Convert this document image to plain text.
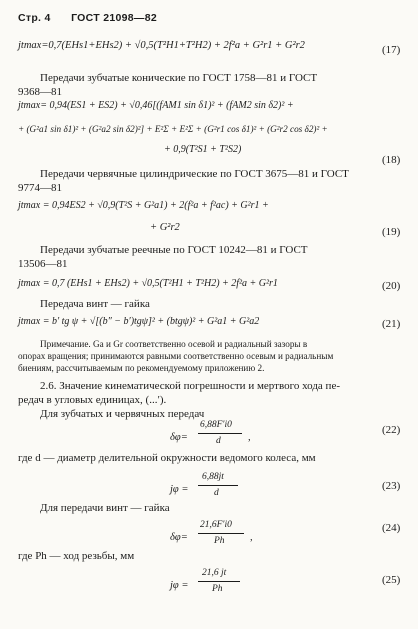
Стр. 4 ГОСТ 21098—82
jtmax=0,7(EHs1+EHs2) + √0,5(T²H1+T²H2) + 2f²a + G²r1 + G²r2	(17)
Передачи зубчатые конические по ГОСТ 1758—81 и ГОСТ
9368—81
jtmax= 0,94(ES1 + ES2) + √0,46[(fAM1 sin δ1)² + (fAM2 sin δ2)² +
+ (G²a1 sin δ1)² + (G²a2 sin δ2)²] + E²Σ + E²Σ + (G²r1 cos δ1)² + (G²r2 cos δ2)² +
+ 0,9(T²S1 + T²S2)
(18)
Передачи червячные цилиндрические по ГОСТ 3675—81 и ГОСТ
9774—81
jtmax = 0,94ES2 + √0,9(T²S + G²a1) + 2(f²a + f²ac) + G²r1 +
+ G²r2	(19)
Передачи зубчатые реечные по ГОСТ 10242—81 и ГОСТ
13506—81
jtmax = 0,7 (EHs1 + EHs2) + √0,5(T²H1 + T²H2) + 2f²a + G²r1	(20)
Передача винт — гайка
jtmax = b′ tg ψ + √[(b″ − b′)tgψ]² + (btgψ)² + G²a1 + G²a2	(21)
Примечание. Ga и Gr соответственно осевой и радиальный зазоры в
опорах вращения; принимаются равными соответственно осевым и радиальным
биениям, рассчитываемым по рекомендуемому приложению 2.
2.6. Значение кинематической погрешности и мертвого хода пе-
редач в угловых единицах, (...′).
Для зубчатых и червячных передач
δφ=
6,88F′i0
d	,
(22)
где d — диаметр делительной окружности ведомого колеса, мм
jφ =
6,88jt
d
(23)
Для передачи винт — гайка
δφ=
21,6F′i0
Ph ,
(24)
где Ph — ход резьбы, мм
jφ =
21,6 jt
Ph
(25)
